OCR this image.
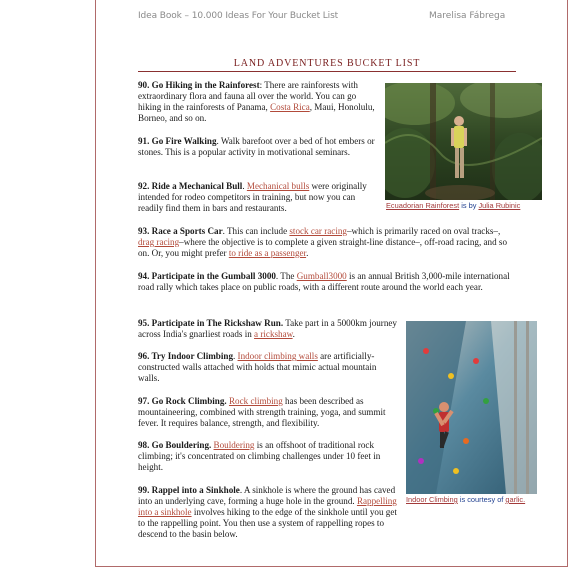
Idea Book – 10.000 Ideas For Your Bucket List	Marelisa Fábrega
LAND ADVENTURES BUCKET LIST
90. Go Hiking in the Rainforest: There are rainforests with extraordinary flora and fauna all over the world. You can go hiking in the rainforests of Panama, Costa Rica, Maui, Honolulu, Borneo, and so on.
91. Go Fire Walking. Walk barefoot over a bed of hot embers or stones. This is a popular activity in motivational seminars.
92. Ride a Mechanical Bull. Mechanical bulls were originally intended for rodeo competitors in training, but now you can readily find them in bars and restaurants.
93. Race a Sports Car. This can include stock car racing–which is primarily raced on oval tracks–, drag racing–where the objective is to complete a given straight-line distance–, off-road racing, and so on. Or, you might prefer to ride as a passenger.
94. Participate in the Gumball 3000. The Gumball3000 is an annual British 3,000-mile international road rally which takes place on public roads, with a different route around the world each year.
95. Participate in The Rickshaw Run. Take part in a 5000km journey across India's gnarliest roads in a rickshaw.
96. Try Indoor Climbing. Indoor climbing walls are artificially-constructed walls attached with holds that mimic actual mountain walls.
97. Go Rock Climbing. Rock climbing has been described as mountaineering, combined with strength training, yoga, and summit fever. It requires balance, strength, and flexibility.
98. Go Bouldering. Bouldering is an offshoot of traditional rock climbing; it's concentrated on climbing challenges under 10 feet in height.
99. Rappel into a Sinkhole. A sinkhole is where the ground has caved into an underlying cave, forming a huge hole in the ground. Rappelling into a sinkhole involves hiking to the edge of the sinkhole until you get to the rappelling point. You then use a system of rappelling ropes to descend to the basin below.
Ecuadorian Rainforest is by Julia Rubinic
Indoor Climbing is courtesy of garlic.
